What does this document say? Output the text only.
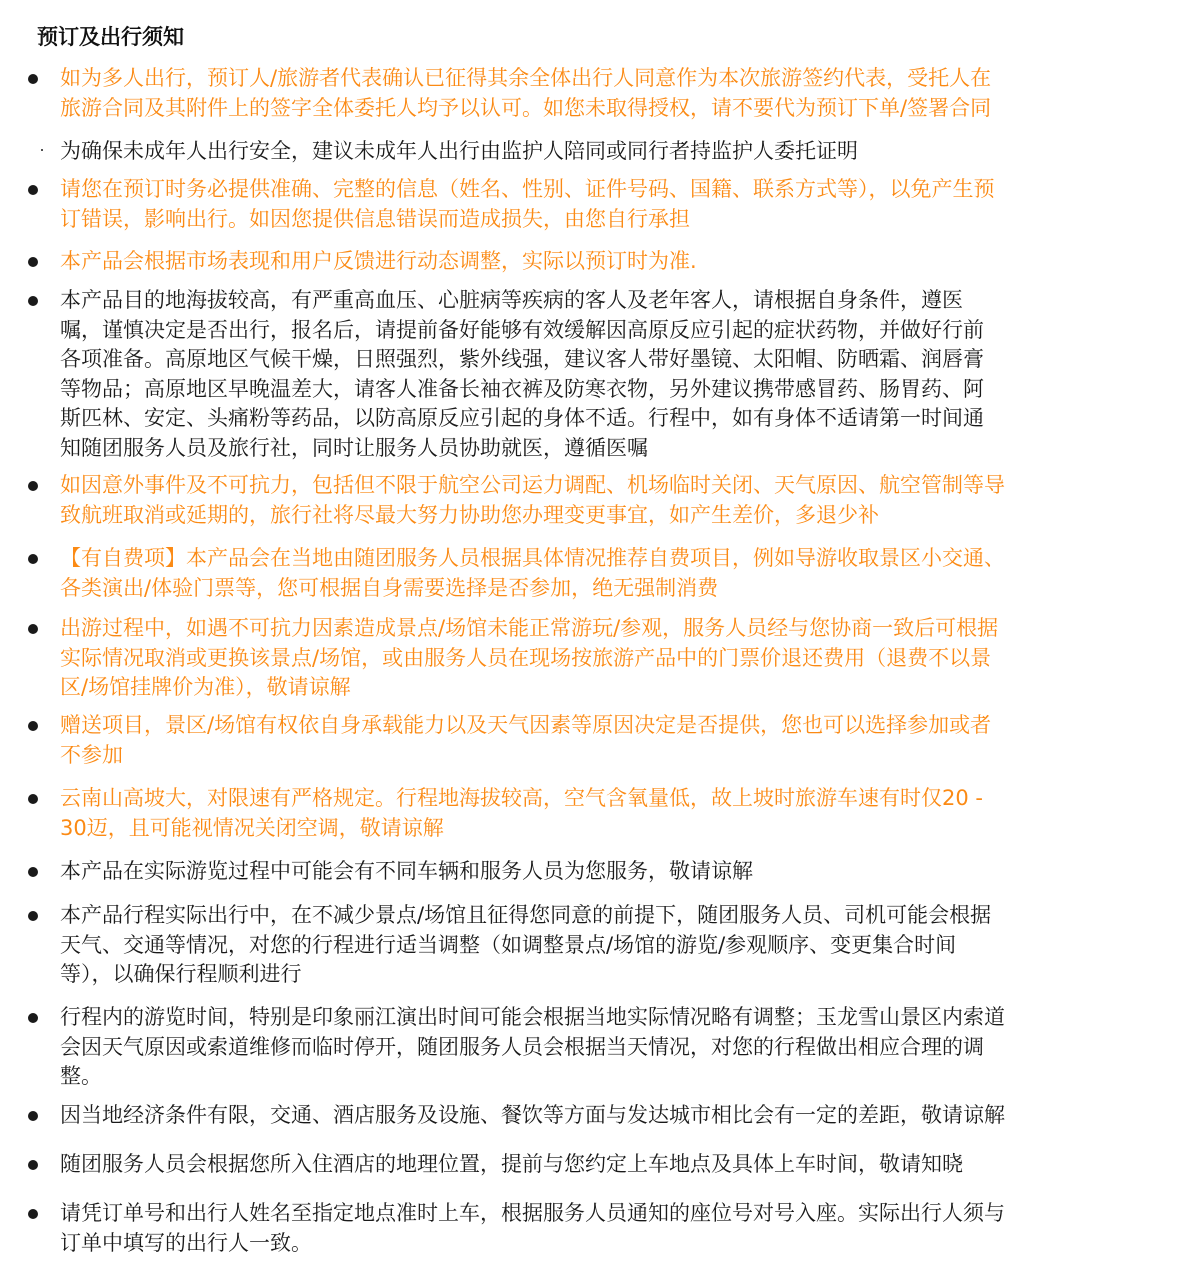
预订及出行须知
如为多人出行，预订人/旅游者代表确认已征得其余全体出行人同意作为本次旅游签约代表，受托人在
旅游合同及其附件上的签字全体委托人均予以认可。如您未取得授权，请不要代为预订下单/签署合同
为确保未成年人出行安全，建议未成年人出行由监护人陪同或同行者持监护人委托证明
请您在预订时务必提供准确、完整的信息（姓名、性别、证件号码、国籍、联系方式等），以免产生预
订错误，影响出行。如因您提供信息错误而造成损失，由您自行承担
本产品会根据市场表现和用户反馈进行动态调整，实际以预订时为准.
本产品目的地海拔较高，有严重高血压、心脏病等疾病的客人及老年客人，请根据自身条件，遵医
嘱，谨慎决定是否出行，报名后，请提前备好能够有效缓解因高原反应引起的症状药物，并做好行前
各项准备。高原地区气候干燥，日照强烈，紫外线强，建议客人带好墨镜、太阳帽、防晒霜、润唇膏
等物品；高原地区早晚温差大，请客人准备长袖衣裤及防寒衣物，另外建议携带感冒药、肠胃药、阿
斯匹林、安定、头痛粉等药品，以防高原反应引起的身体不适。行程中，如有身体不适请第一时间通
知随团服务人员及旅行社，同时让服务人员协助就医，遵循医嘱
如因意外事件及不可抗力，包括但不限于航空公司运力调配、机场临时关闭、天气原因、航空管制等导
致航班取消或延期的，旅行社将尽最大努力协助您办理变更事宜，如产生差价，多退少补
【有自费项】本产品会在当地由随团服务人员根据具体情况推荐自费项目，例如导游收取景区小交通、
各类演出/体验门票等，您可根据自身需要选择是否参加，绝无强制消费
出游过程中，如遇不可抗力因素造成景点/场馆未能正常游玩/参观，服务人员经与您协商一致后可根据
实际情况取消或更换该景点/场馆，或由服务人员在现场按旅游产品中的门票价退还费用（退费不以景
区/场馆挂牌价为准），敬请谅解
赠送项目，景区/场馆有权依自身承载能力以及天气因素等原因决定是否提供，您也可以选择参加或者
不参加
云南山高坡大，对限速有严格规定。行程地海拔较高，空气含氧量低，故上坡时旅游车速有时仅20 -
30迈，且可能视情况关闭空调，敬请谅解
本产品在实际游览过程中可能会有不同车辆和服务人员为您服务，敬请谅解
本产品行程实际出行中，在不减少景点/场馆且征得您同意的前提下，随团服务人员、司机可能会根据
天气、交通等情况，对您的行程进行适当调整（如调整景点/场馆的游览/参观顺序、变更集合时间
等），以确保行程顺利进行
行程内的游览时间，特别是印象丽江演出时间可能会根据当地实际情况略有调整；玉龙雪山景区内索道
会因天气原因或索道维修而临时停开，随团服务人员会根据当天情况，对您的行程做出相应合理的调
整。
因当地经济条件有限，交通、酒店服务及设施、餐饮等方面与发达城市相比会有一定的差距，敬请谅解
随团服务人员会根据您所入住酒店的地理位置，提前与您约定上车地点及具体上车时间，敬请知晓
请凭订单号和出行人姓名至指定地点准时上车，根据服务人员通知的座位号对号入座。实际出行人须与
订单中填写的出行人一致。
